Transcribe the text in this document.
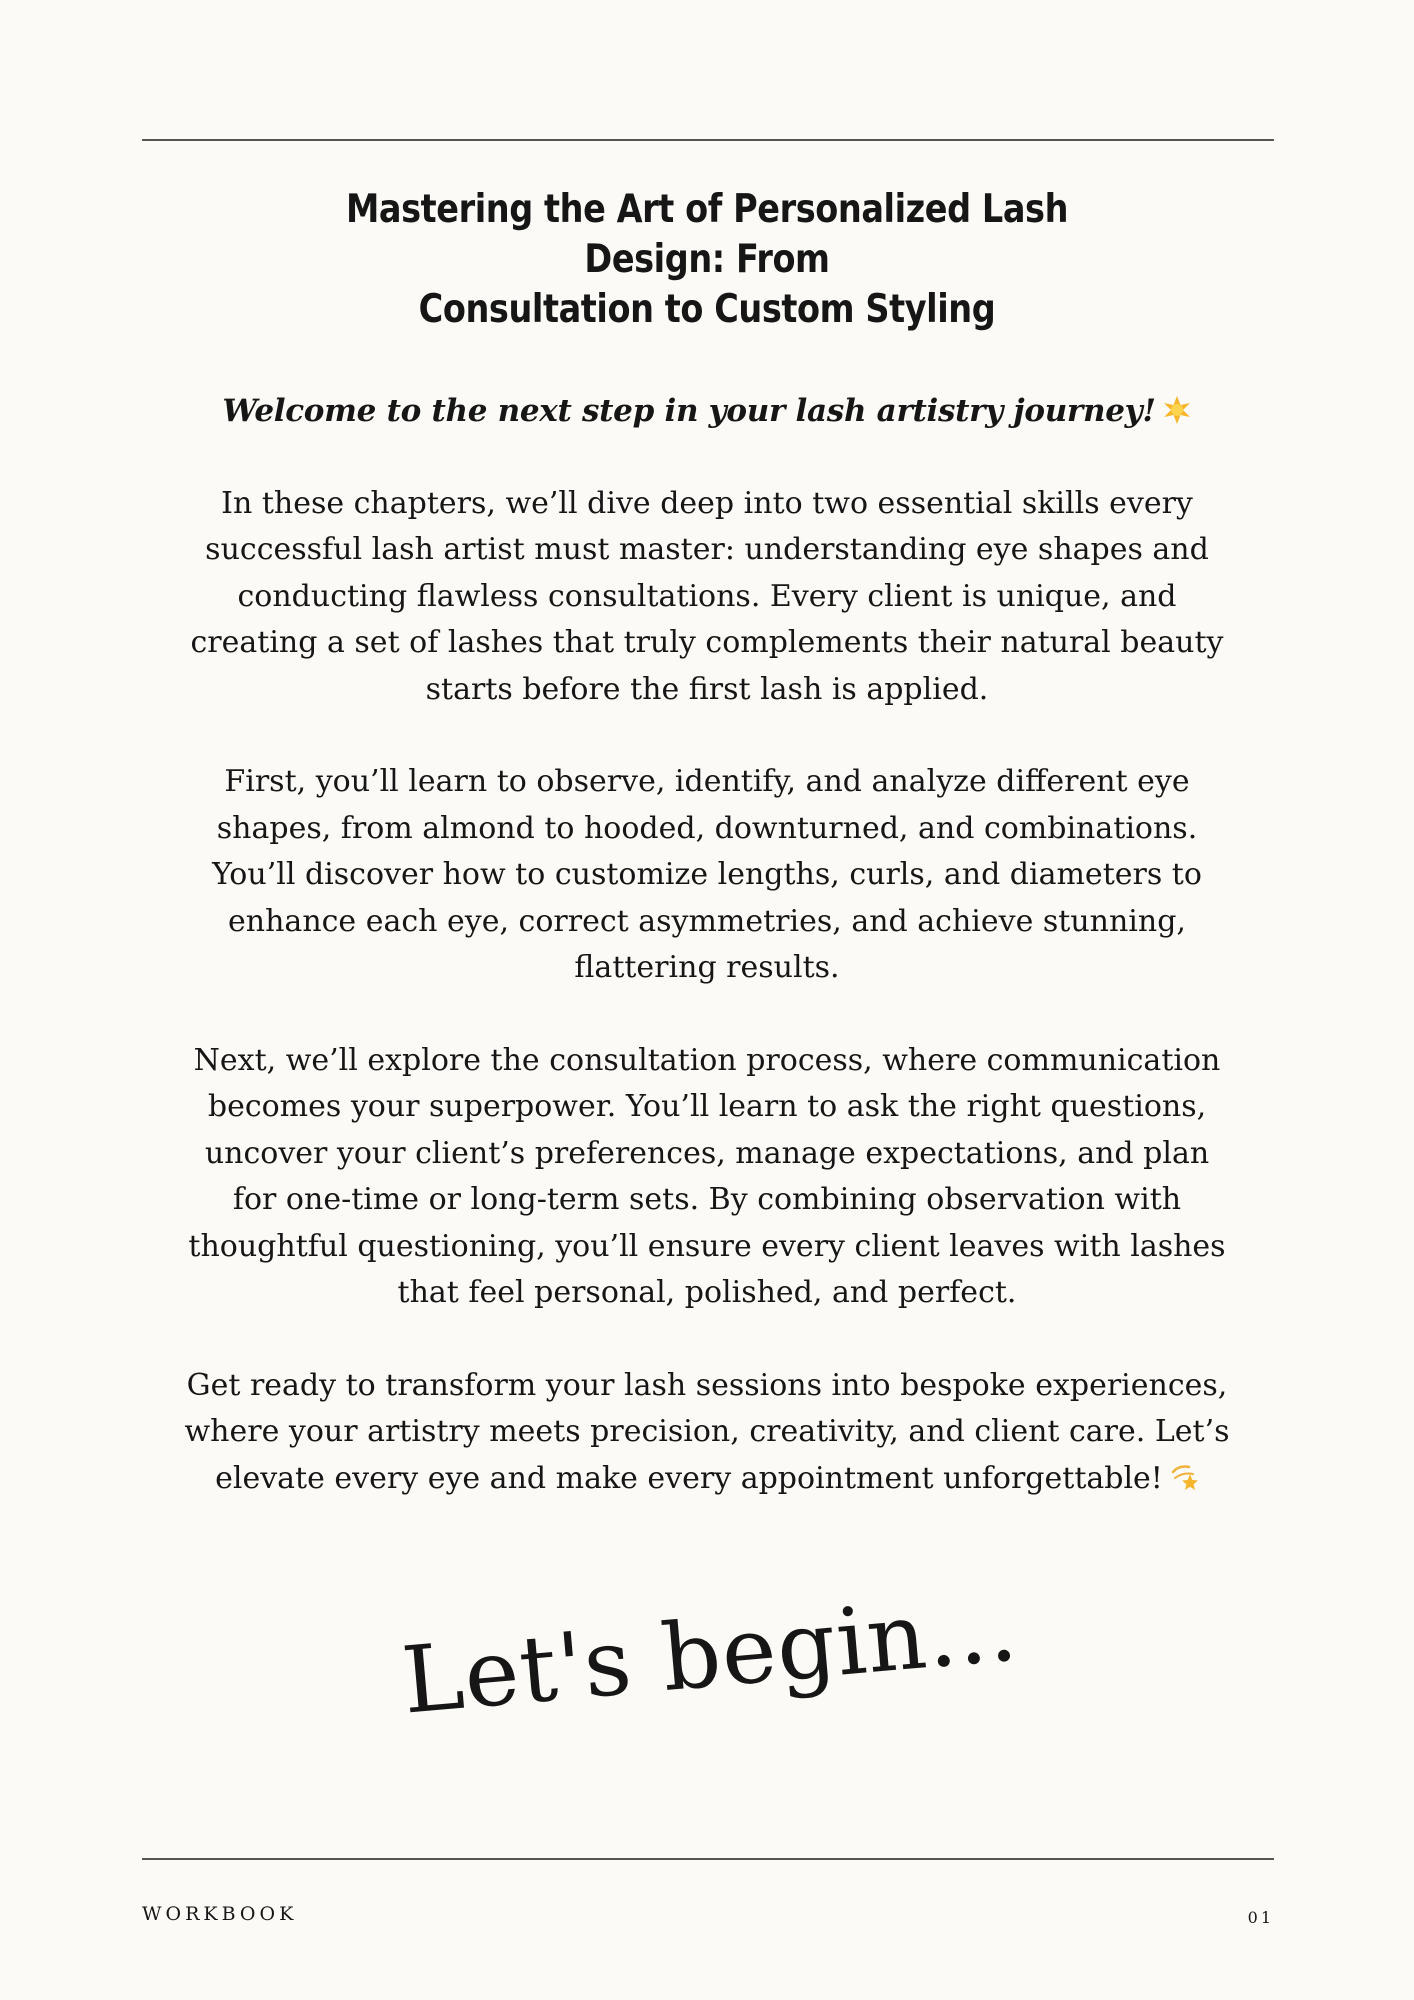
Mastering the Art of Personalized Lash Design: From
Consultation to Custom Styling

Welcome to the next step in your lash artistry journey!

In these chapters, we’ll dive deep into two essential skills every successful lash artist must master: understanding eye shapes and conducting flawless consultations. Every client is unique, and creating a set of lashes that truly complements their natural beauty starts before the first lash is applied.

First, you’ll learn to observe, identify, and analyze different eye shapes, from almond to hooded, downturned, and combinations. You’ll discover how to customize lengths, curls, and diameters to enhance each eye, correct asymmetries, and achieve stunning, flattering results.

Next, we’ll explore the consultation process, where communication becomes your superpower. You’ll learn to ask the right questions, uncover your client’s preferences, manage expectations, and plan for one-time or long-term sets. By combining observation with thoughtful questioning, you’ll ensure every client leaves with lashes that feel personal, polished, and perfect.

Get ready to transform your lash sessions into bespoke experiences, where your artistry meets precision, creativity, and client care. Let’s elevate every eye and make every appointment unforgettable!

Let's begin...
WORKBOOK	01
